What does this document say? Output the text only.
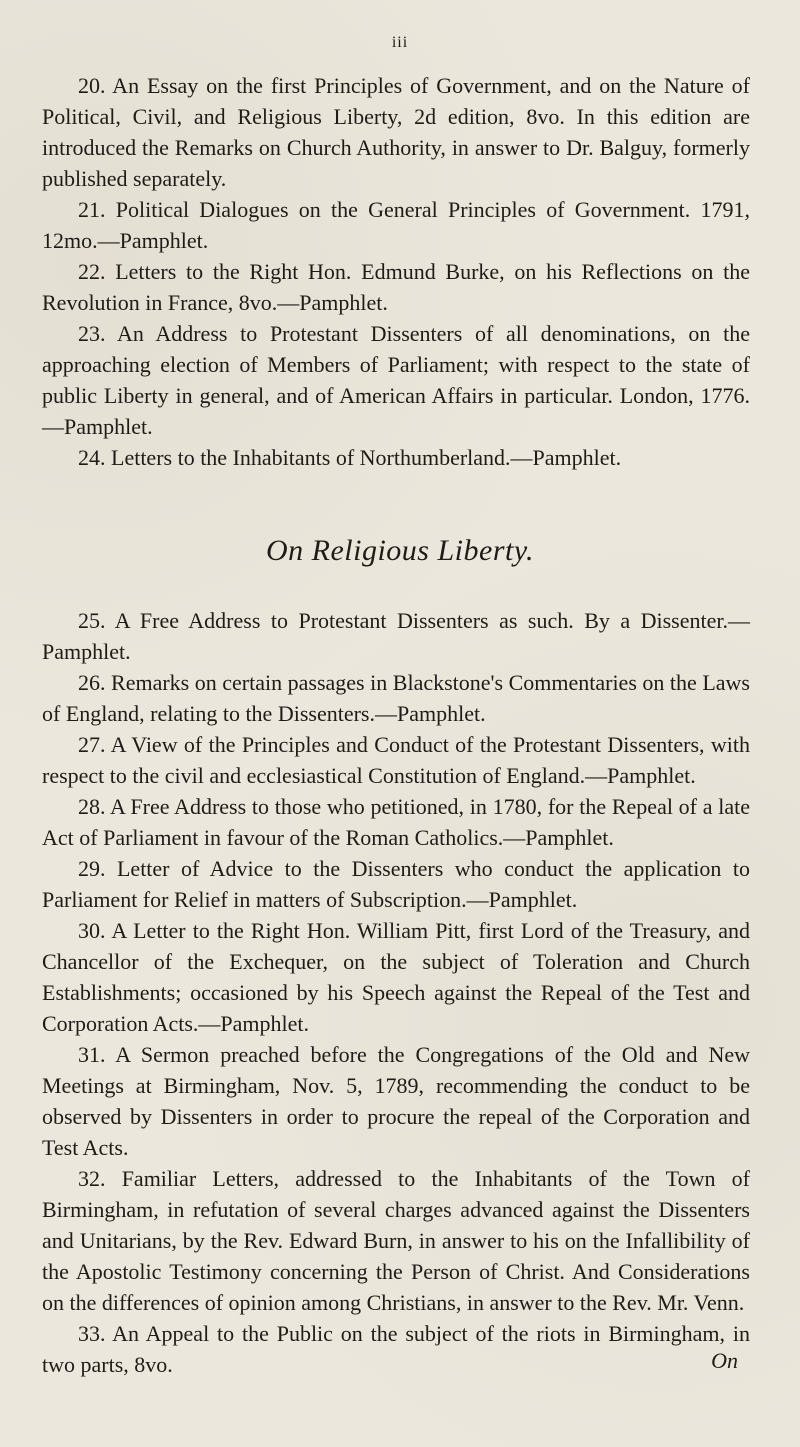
iii

20. An Essay on the first Principles of Government, and on the Nature of Political, Civil, and Religious Liberty, 2d edition, 8vo. In this edition are introduced the Remarks on Church Authority, in answer to Dr. Balguy, formerly published separately.

21. Political Dialogues on the General Principles of Government. 1791, 12mo.—Pamphlet.

22. Letters to the Right Hon. Edmund Burke, on his Reflections on the Revolution in France, 8vo.—Pamphlet.

23. An Address to Protestant Dissenters of all denominations, on the approaching election of Members of Parliament; with respect to the state of public Liberty in general, and of American Affairs in particular. London, 1776.—Pamphlet.

24. Letters to the Inhabitants of Northumberland.—Pamphlet.

On Religious Liberty.

25. A Free Address to Protestant Dissenters as such. By a Dissenter.—Pamphlet.

26. Remarks on certain passages in Blackstone's Commentaries on the Laws of England, relating to the Dissenters.—Pamphlet.

27. A View of the Principles and Conduct of the Protestant Dissenters, with respect to the civil and ecclesiastical Constitution of England.—Pamphlet.

28. A Free Address to those who petitioned, in 1780, for the Repeal of a late Act of Parliament in favour of the Roman Catholics.—Pamphlet.

29. Letter of Advice to the Dissenters who conduct the application to Parliament for Relief in matters of Subscription.—Pamphlet.

30. A Letter to the Right Hon. William Pitt, first Lord of the Treasury, and Chancellor of the Exchequer, on the subject of Toleration and Church Establishments; occasioned by his Speech against the Repeal of the Test and Corporation Acts.—Pamphlet.

31. A Sermon preached before the Congregations of the Old and New Meetings at Birmingham, Nov. 5, 1789, recommending the conduct to be observed by Dissenters in order to procure the repeal of the Corporation and Test Acts.

32. Familiar Letters, addressed to the Inhabitants of the Town of Birmingham, in refutation of several charges advanced against the Dissenters and Unitarians, by the Rev. Edward Burn, in answer to his on the Infallibility of the Apostolic Testimony concerning the Person of Christ. And Considerations on the differences of opinion among Christians, in answer to the Rev. Mr. Venn.

33. An Appeal to the Public on the subject of the riots in Birmingham, in two parts, 8vo.	On
